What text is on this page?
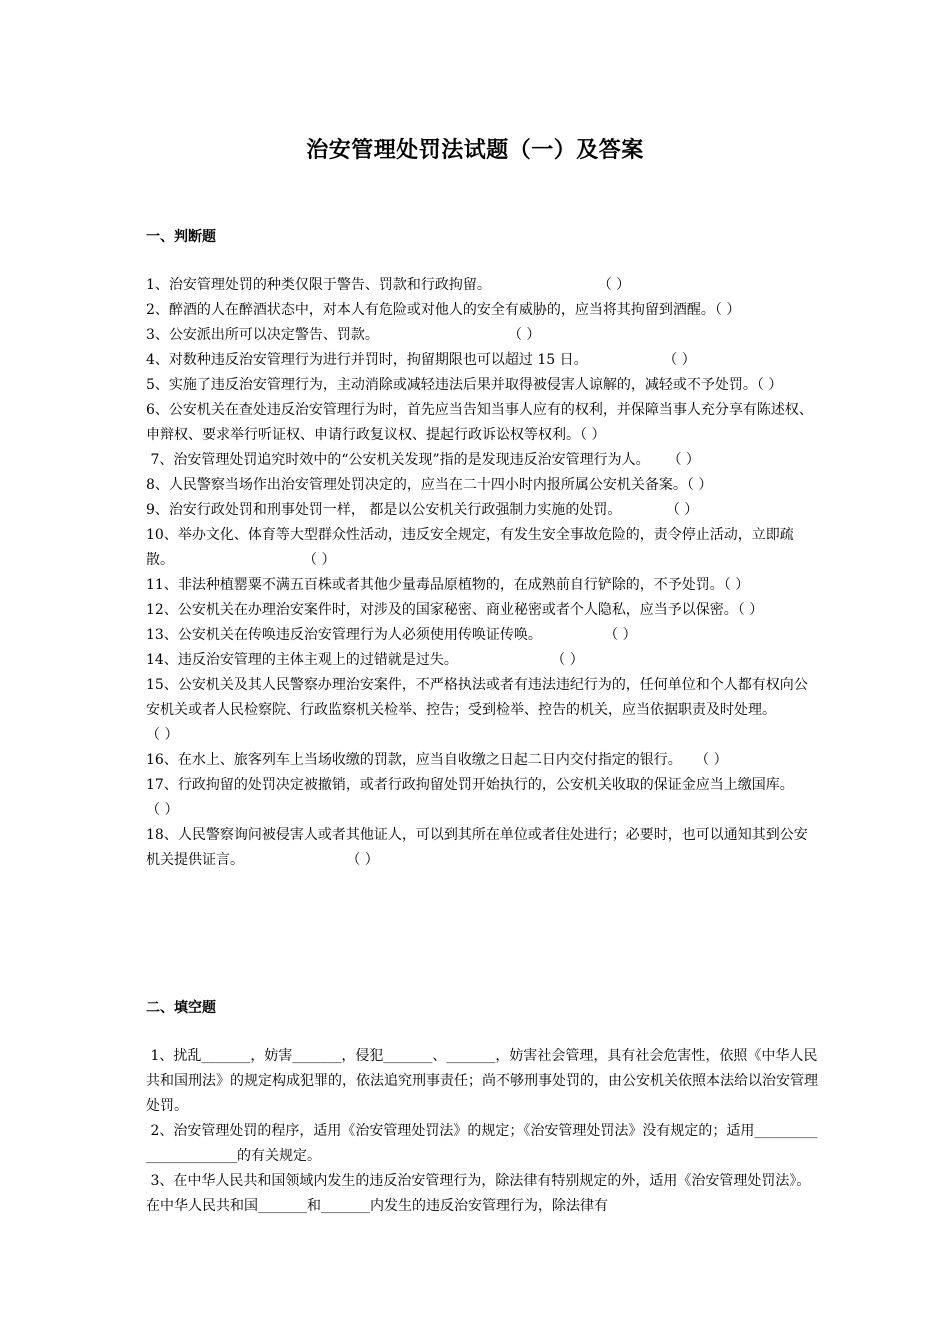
治安管理处罚法试题（一）及答案
一、判断题

1、治安管理处罚的种类仅限于警告、罚款和行政拘留。                        （ ）

2、醉酒的人在醉酒状态中，对本人有危险或对他人的安全有威胁的，应当将其拘留到酒醒。（ ）

3、公安派出所可以决定警告、罚款。                             （ ）

4、对数种违反治安管理行为进行并罚时，拘留期限也可以超过 15 日。                 （ ）

5、实施了违反治安管理行为，主动消除或减轻违法后果并取得被侵害人谅解的，减轻或不予处罚。（ ）

6、公安机关在查处违反治安管理行为时，首先应当告知当事人应有的权利，并保障当事人充分享有陈述权、申辩权、要求举行听证权、申请行政复议权、提起行政诉讼权等权利。（ ）

7、治安管理处罚追究时效中的“公安机关发现”指的是发现违反治安管理行为人。    （ ）

8、人民警察当场作出治安管理处罚决定的，应当在二十四小时内报所属公安机关备案。（ ）

9、治安行政处罚和刑事处罚一样， 都是以公安机关行政强制力实施的处罚。          （ ）

10、举办文化、体育等大型群众性活动，违反安全规定，有发生安全事故危险的，责令停止活动，立即疏散。                             （ ）

11、非法种植罂粟不满五百株或者其他少量毒品原植物的，在成熟前自行铲除的，不予处罚。（ ）

12、公安机关在办理治安案件时，对涉及的国家秘密、商业秘密或者个人隐私，应当予以保密。（ ）

13、公安机关在传唤违反治安管理行为人必须使用传唤证传唤。              （ ）

14、违反治安管理的主体主观上的过错就是过失。                     （ ）

15、公安机关及其人民警察办理治安案件，不严格执法或者有违法违纪行为的，任何单位和个人都有权向公安机关或者人民检察院、行政监察机关检举、控告；受到检举、控告的机关，应当依据职责及时处理。                                （ ）

16、在水上、旅客列车上当场收缴的罚款，应当自收缴之日起二日内交付指定的银行。   （ ）

17、行政拘留的处罚决定被撤销，或者行政拘留处罚开始执行的，公安机关收取的保证金应当上缴国库。                              （ ）

18、人民警察询问被侵害人或者其他证人，可以到其所在单位或者住处进行；必要时，也可以通知其到公安机关提供证言。                       （ ）

二、填空题

1、扰乱_______，妨害_______，侵犯_______、_______，妨害社会管理，具有社会危害性，依照《中华人民共和国刑法》的规定构成犯罪的，依法追究刑事责任；尚不够刑事处罚的，由公安机关依照本法给以治安管理处罚。

2、治安管理处罚的程序，适用《治安管理处罚法》的规定；《治安管理处罚法》没有规定的；适用______________________的有关规定。

3、在中华人民共和国领域内发生的违反治安管理行为，除法律有特别规定的外，适用《治安管理处罚法》。在中华人民共和国_______和_______内发生的违反治安管理行为，除法律有
